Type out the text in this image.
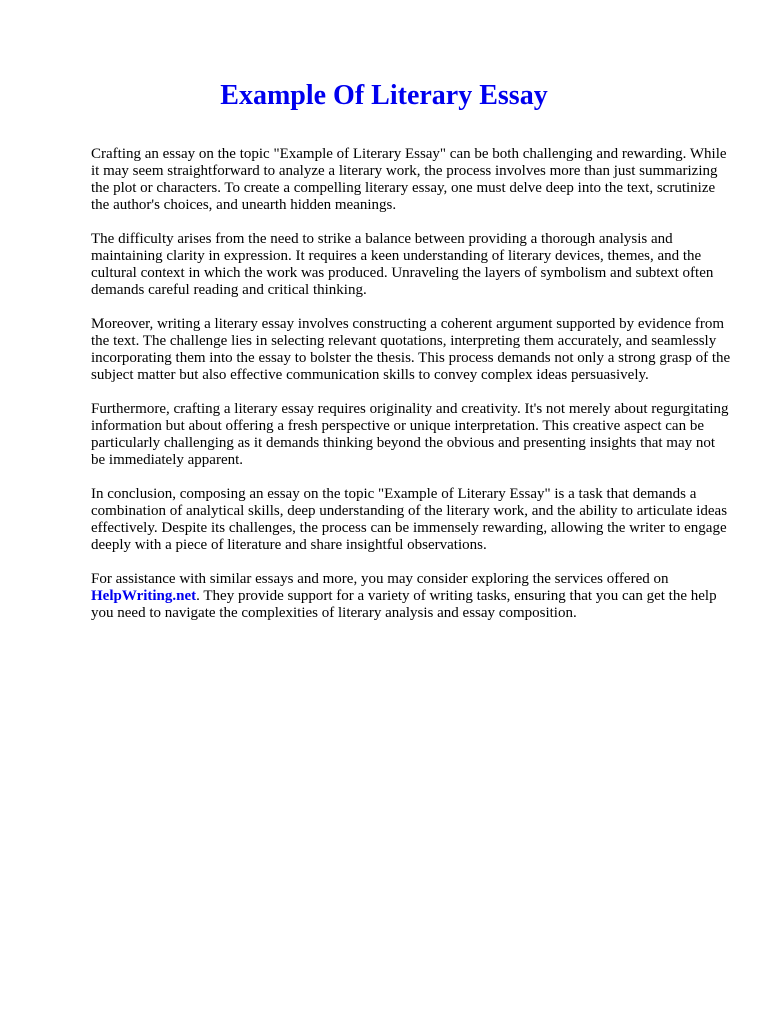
Example Of Literary Essay

Crafting an essay on the topic "Example of Literary Essay" can be both challenging and rewarding. While it may seem straightforward to analyze a literary work, the process involves more than just summarizing the plot or characters. To create a compelling literary essay, one must delve deep into the text, scrutinize the author's choices, and unearth hidden meanings.

The difficulty arises from the need to strike a balance between providing a thorough analysis and maintaining clarity in expression. It requires a keen understanding of literary devices, themes, and the cultural context in which the work was produced. Unraveling the layers of symbolism and subtext often demands careful reading and critical thinking.

Moreover, writing a literary essay involves constructing a coherent argument supported by evidence from the text. The challenge lies in selecting relevant quotations, interpreting them accurately, and seamlessly incorporating them into the essay to bolster the thesis. This process demands not only a strong grasp of the subject matter but also effective communication skills to convey complex ideas persuasively.

Furthermore, crafting a literary essay requires originality and creativity. It's not merely about regurgitating information but about offering a fresh perspective or unique interpretation. This creative aspect can be particularly challenging as it demands thinking beyond the obvious and presenting insights that may not be immediately apparent.

In conclusion, composing an essay on the topic "Example of Literary Essay" is a task that demands a combination of analytical skills, deep understanding of the literary work, and the ability to articulate ideas effectively. Despite its challenges, the process can be immensely rewarding, allowing the writer to engage deeply with a piece of literature and share insightful observations.

For assistance with similar essays and more, you may consider exploring the services offered on HelpWriting.net. They provide support for a variety of writing tasks, ensuring that you can get the help you need to navigate the complexities of literary analysis and essay composition.
